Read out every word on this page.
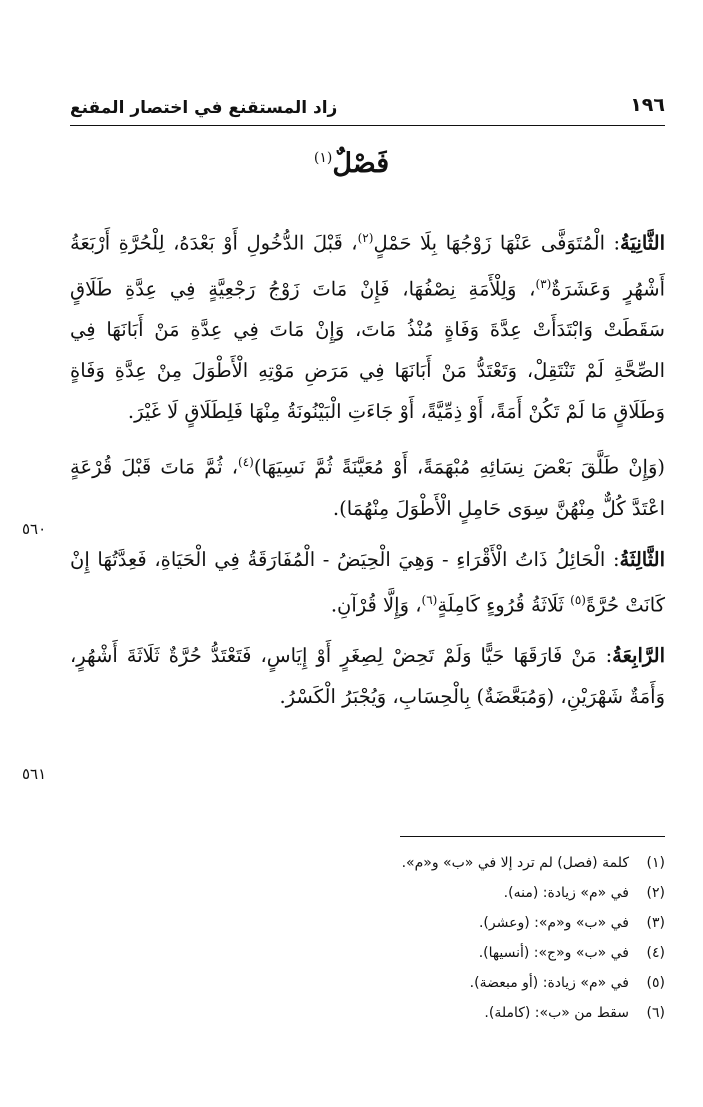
١٩٦
زاد المستقنع في اختصار المقنع
فَصْلٌ$^{(١)}$

الثَّانِيَةُ: الْمُتَوَفَّى عَنْهَا زَوْجُهَا بِلَا حَمْلٍ$^{(٢)}$، قَبْلَ الدُّخُولِ أَوْ بَعْدَهُ، لِلْحُرَّةِ أَرْبَعَةُ أَشْهُرٍ وَعَشَرَةٌ$^{(٣)}$، وَلِلْأَمَةِ نِصْفُهَا، فَإِنْ مَاتَ زَوْجُ رَجْعِيَّةٍ فِي عِدَّةِ طَلَاقٍ سَقَطَتْ وَابْتَدَأَتْ عِدَّةَ وَفَاةٍ مُنْذُ مَاتَ، وَإِنْ مَاتَ فِي عِدَّةِ مَنْ أَبَانَهَا فِي الصِّحَّةِ لَمْ تَنْتَقِلْ، وَتَعْتَدُّ مَنْ أَبَانَهَا فِي مَرَضِ مَوْتِهِ الْأَطْوَلَ مِنْ عِدَّةِ وَفَاةٍ وَطَلَاقٍ مَا لَمْ تَكُنْ أَمَةً، أَوْ ذِمِّيَّةً، أَوْ جَاءَتِ الْبَيْنُونَةُ مِنْهَا فَلِطَلَاقٍ لَا غَيْرَ.

(وَإِنْ طَلَّقَ بَعْضَ نِسَائِهِ مُبْهَمَةً، أَوْ مُعَيَّنَةً ثُمَّ نَسِيَهَا)$^{(٤)}$، ثُمَّ مَاتَ قَبْلَ قُرْعَةٍ اعْتَدَّ كُلٌّ مِنْهُنَّ سِوَى حَامِلٍ الْأَطْوَلَ مِنْهُمَا).

الثَّالِثَةُ: الْحَائِلُ ذَاتُ الْأَقْرَاءِ - وَهِيَ الْحِيَضُ - الْمُفَارَقَةُ فِي الْحَيَاةِ، فَعِدَّتُهَا إِنْ كَانَتْ حُرَّةً$^{(٥)}$ ثَلَاثَةُ قُرُوءٍ كَامِلَةٍ$^{(٦)}$، وَإِلَّا قُرْآنِ.

الرَّابِعَةُ: مَنْ فَارَقَهَا حَيًّا وَلَمْ تَحِضْ لِصِغَرٍ أَوْ إِيَاسٍ، فَتَعْتَدُّ حُرَّةٌ ثَلَاثَةَ أَشْهُرٍ، وَأَمَةٌ شَهْرَيْنِ، (وَمُبَعَّضَةٌ) بِالْحِسَابِ، وَيُجْبَرُ الْكَسْرُ.

٥٦٠
٥٦١
(١)
كلمة (فصل) لم ترد إلا في «ب» و«م».
(٢)
في «م» زيادة: (منه).
(٣)
في «ب» و«م»: (وعشر).
(٤)
في «ب» و«ج»: (أنسيها).
(٥)
في «م» زيادة: (أو مبعضة).
(٦)
سقط من «ب»: (كاملة).
